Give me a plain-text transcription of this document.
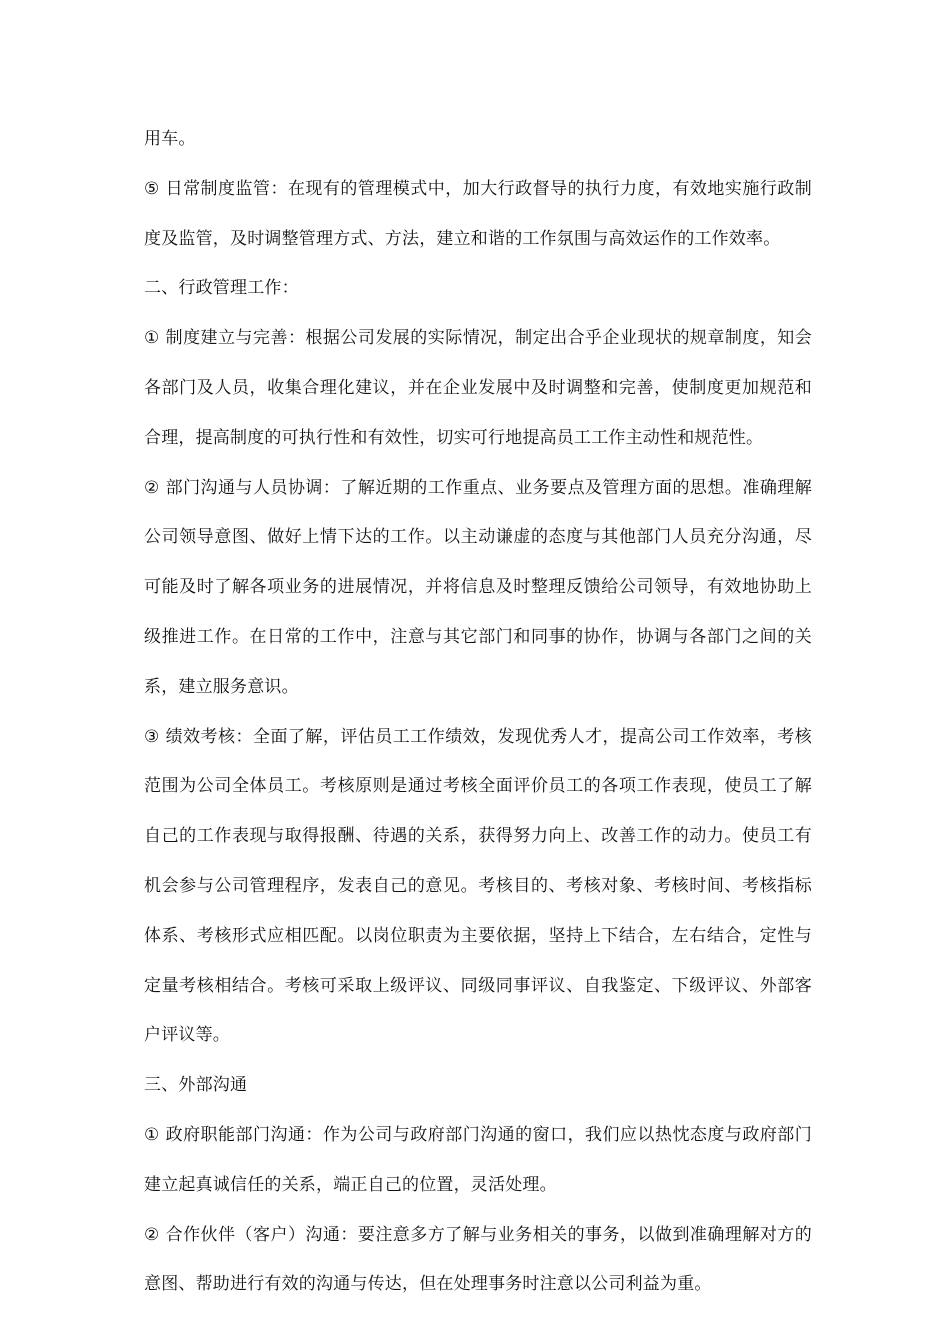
用车。

⑤ 日常制度监管：在现有的管理模式中，加大行政督导的执行力度，有效地实施行政制度及监管，及时调整管理方式、方法，建立和谐的工作氛围与高效运作的工作效率。

二、行政管理工作：

① 制度建立与完善：根据公司发展的实际情况，制定出合乎企业现状的规章制度，知会各部门及人员，收集合理化建议，并在企业发展中及时调整和完善，使制度更加规范和合理，提高制度的可执行性和有效性，切实可行地提高员工工作主动性和规范性。

② 部门沟通与人员协调：了解近期的工作重点、业务要点及管理方面的思想。准确理解公司领导意图、做好上情下达的工作。以主动谦虚的态度与其他部门人员充分沟通，尽可能及时了解各项业务的进展情况，并将信息及时整理反馈给公司领导，有效地协助上级推进工作。在日常的工作中，注意与其它部门和同事的协作，协调与各部门之间的关系，建立服务意识。

③ 绩效考核：全面了解，评估员工工作绩效，发现优秀人才，提高公司工作效率，考核范围为公司全体员工。考核原则是通过考核全面评价员工的各项工作表现，使员工了解自己的工作表现与取得报酬、待遇的关系，获得努力向上、改善工作的动力。使员工有机会参与公司管理程序，发表自己的意见。考核目的、考核对象、考核时间、考核指标体系、考核形式应相匹配。以岗位职责为主要依据，坚持上下结合，左右结合，定性与定量考核相结合。考核可采取上级评议、同级同事评议、自我鉴定、下级评议、外部客户评议等。

三、外部沟通

① 政府职能部门沟通：作为公司与政府部门沟通的窗口，我们应以热忱态度与政府部门建立起真诚信任的关系，端正自己的位置，灵活处理。

② 合作伙伴（客户）沟通：要注意多方了解与业务相关的事务，以做到准确理解对方的意图、帮助进行有效的沟通与传达，但在处理事务时注意以公司利益为重。
